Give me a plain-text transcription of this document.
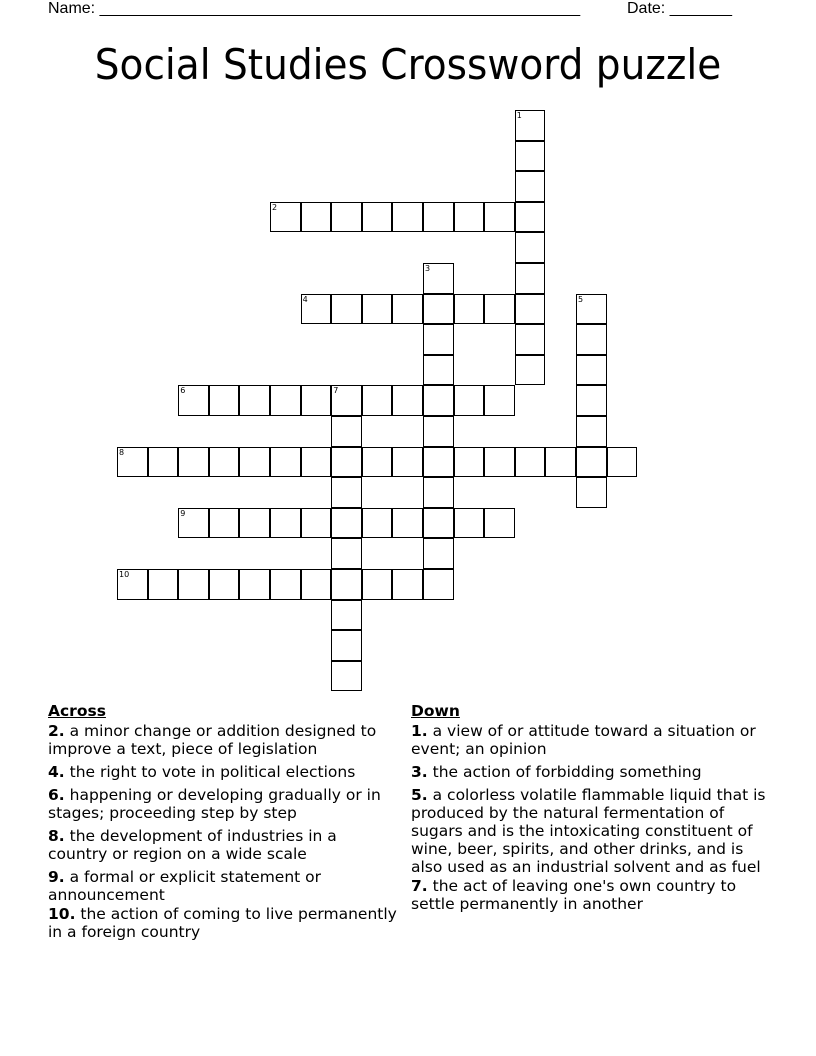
Name: ______________________________________________________

	Date: _______

Social Studies Crossword puzzle
1
2
3
4	5
6	7
8
9
10
Across
2. a minor change or addition designed to improve a text, piece of legislation
4. the right to vote in political elections
6. happening or developing gradually or in stages; proceeding step by step
8. the development of industries in a country or region on a wide scale
9. a formal or explicit statement or announcement
10. the action of coming to live permanently in a foreign country
Down
1. a view of or attitude toward a situation or event; an opinion
3. the action of forbidding something
5. a colorless volatile flammable liquid that is produced by the natural fermentation of sugars and is the intoxicating constituent of wine, beer, spirits, and other drinks, and is also used as an industrial solvent and as fuel
7. the act of leaving one's own country to settle permanently in another
